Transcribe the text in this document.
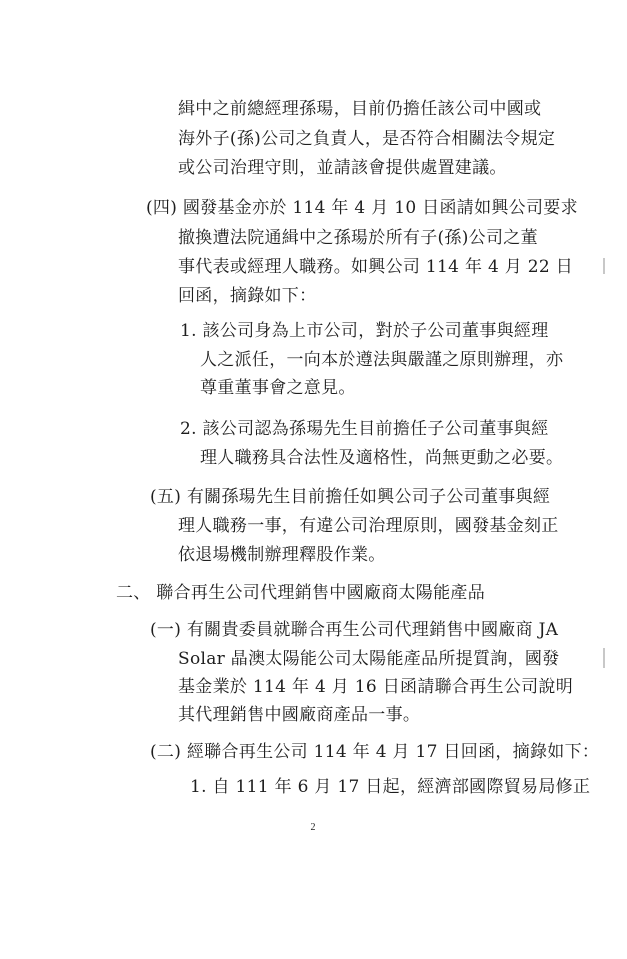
緝中之前總經理孫瑒，目前仍擔任該公司中國或
海外子(孫)公司之負責人，是否符合相關法令規定
或公司治理守則，並請該會提供處置建議。
(四) 國發基金亦於 114 年 4 月 10 日函請如興公司要求
撤換遭法院通緝中之孫瑒於所有子(孫)公司之董
事代表或經理人職務。如興公司 114 年 4 月 22 日
回函，摘錄如下：
1. 該公司身為上市公司，對於子公司董事與經理
人之派任，一向本於遵法與嚴謹之原則辦理，亦
尊重董事會之意見。
2. 該公司認為孫瑒先生目前擔任子公司董事與經
理人職務具合法性及適格性，尚無更動之必要。
(五) 有關孫瑒先生目前擔任如興公司子公司董事與經
理人職務一事，有違公司治理原則，國發基金刻正
依退場機制辦理釋股作業。
二、 聯合再生公司代理銷售中國廠商太陽能產品
(一) 有關貴委員就聯合再生公司代理銷售中國廠商 JA
Solar 晶澳太陽能公司太陽能產品所提質詢，國發
基金業於 114 年 4 月 16 日函請聯合再生公司說明
其代理銷售中國廠商產品一事。
(二) 經聯合再生公司 114 年 4 月 17 日回函，摘錄如下：
1. 自 111 年 6 月 17 日起，經濟部國際貿易局修正
2
